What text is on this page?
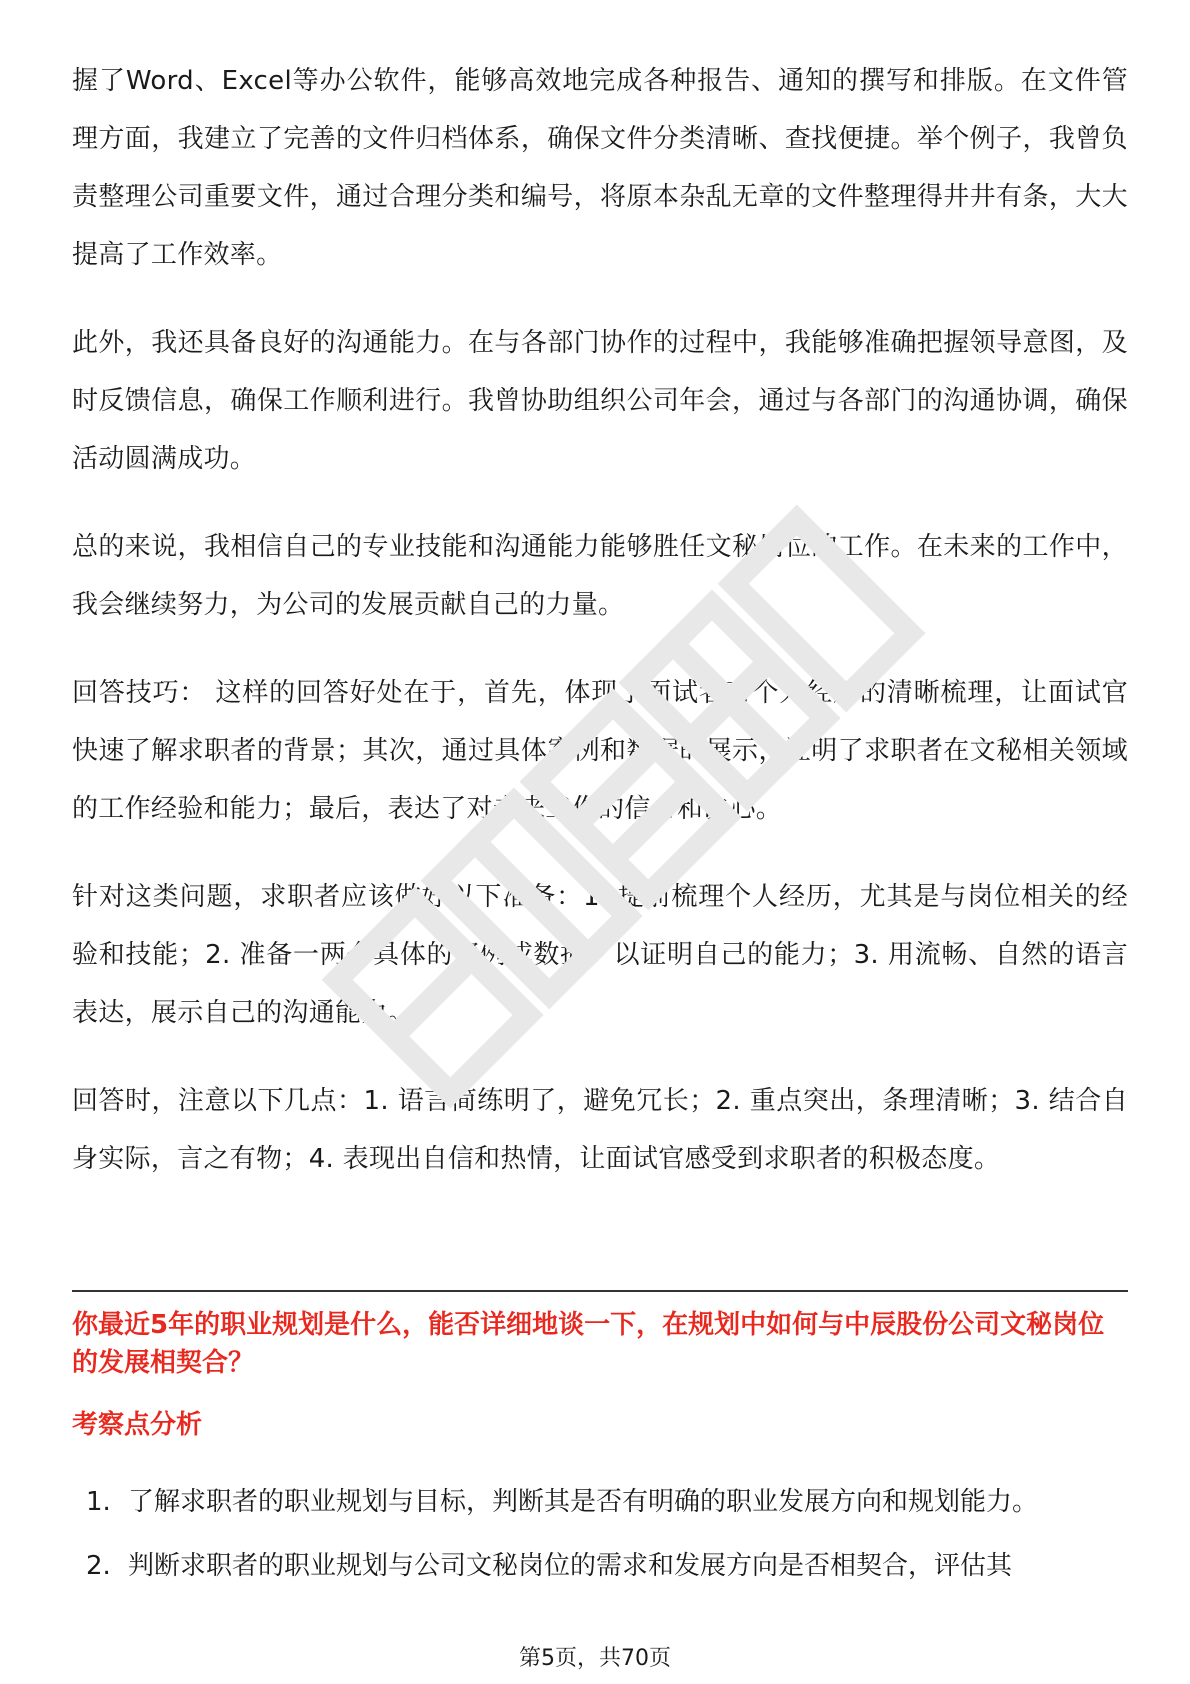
握了Word、Excel等办公软件，能够高效地完成各种报告、通知的撰写和排版。在文件管理方面，我建立了完善的文件归档体系，确保文件分类清晰、查找便捷。举个例子，我曾负责整理公司重要文件，通过合理分类和编号，将原本杂乱无章的文件整理得井井有条，大大提高了工作效率。

此外，我还具备良好的沟通能力。在与各部门协作的过程中，我能够准确把握领导意图，及时反馈信息，确保工作顺利进行。我曾协助组织公司年会，通过与各部门的沟通协调，确保活动圆满成功。

总的来说，我相信自己的专业技能和沟通能力能够胜任文秘岗位的工作。在未来的工作中，我会继续努力，为公司的发展贡献自己的力量。

回答技巧： 这样的回答好处在于，首先，体现了面试者对个人经历的清晰梳理，让面试官快速了解求职者的背景；其次，通过具体案例和数据的展示，证明了求职者在文秘相关领域的工作经验和能力；最后，表达了对未来工作的信心和决心。

针对这类问题，求职者应该做好以下准备：1. 提前梳理个人经历，尤其是与岗位相关的经验和技能；2. 准备一两个具体的案例或数据，以证明自己的能力；3. 用流畅、自然的语言表达，展示自己的沟通能力。

回答时，注意以下几点：1. 语言简练明了，避免冗长；2. 重点突出，条理清晰；3. 结合自身实际，言之有物；4. 表现出自信和热情，让面试官感受到求职者的积极态度。

你最近5年的职业规划是什么，能否详细地谈一下，在规划中如何与中辰股份公司文秘岗位的发展相契合？

考察点分析

1. 了解求职者的职业规划与目标，判断其是否有明确的职业发展方向和规划能力。
2. 判断求职者的职业规划与公司文秘岗位的需求和发展方向是否相契合，评估其
第5页，共70页
